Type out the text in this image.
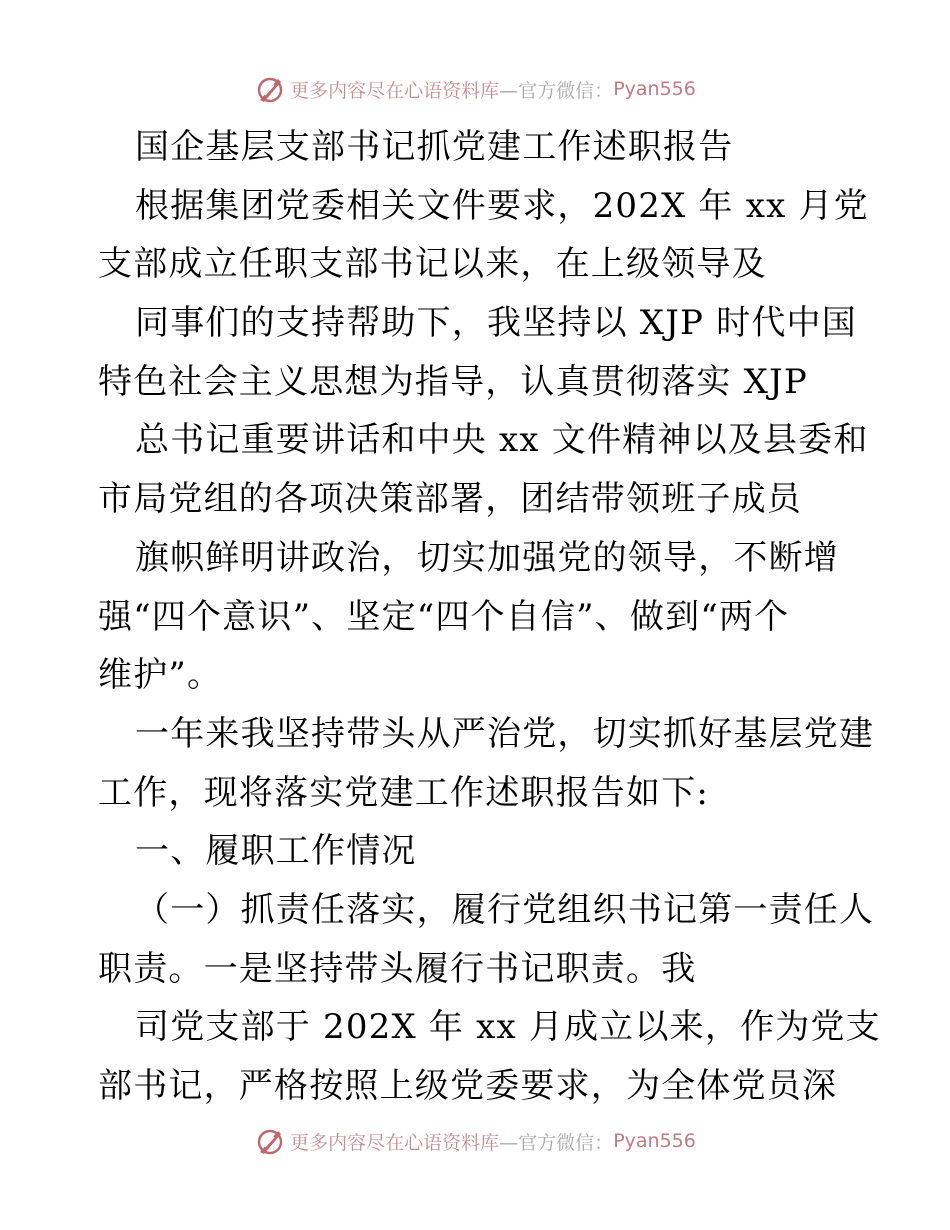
更多内容尽在心语资料库 —官方微信： Pyan556
国企基层支部书记抓党建工作述职报告
根据集团党委相关文件要求，202X 年 xx 月党
支部成立任职支部书记以来，在上级领导及
同事们的支持帮助下，我坚持以 XJP 时代中国
特色社会主义思想为指导，认真贯彻落实 XJP
总书记重要讲话和中央 xx 文件精神以及县委和
市局党组的各项决策部署，团结带领班子成员
旗帜鲜明讲政治，切实加强党的领导，不断增
强“四个意识”、坚定“四个自信”、做到“两个
维护”。
一年来我坚持带头从严治党，切实抓好基层党建
工作，现将落实党建工作述职报告如下:
一、履职工作情况
（一）抓责任落实，履行党组织书记第一责任人
职责。一是坚持带头履行书记职责。我
司党支部于 202X 年 xx 月成立以来，作为党支
部书记，严格按照上级党委要求，为全体党员深
更多内容尽在心语资料库 —官方微信： Pyan556
